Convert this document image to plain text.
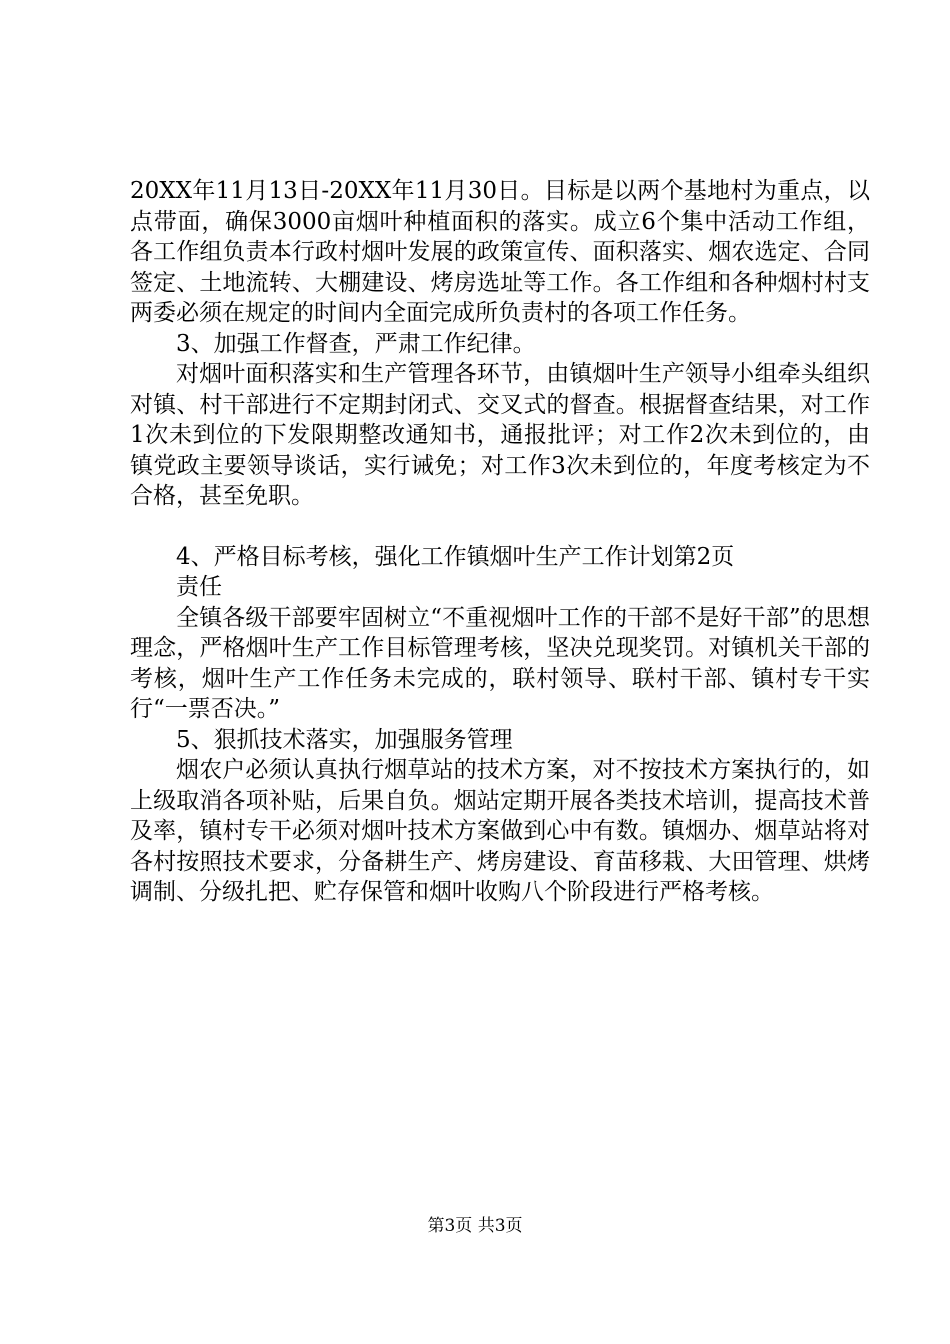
20XX年11月13日-20XX年11月30日。目标是以两个基地村为重点，以点带面，确保3000亩烟叶种植面积的落实。成立6个集中活动工作组，各工作组负责本行政村烟叶发展的政策宣传、面积落实、烟农选定、合同签定、土地流转、大棚建设、烤房选址等工作。各工作组和各种烟村村支两委必须在规定的时间内全面完成所负责村的各项工作任务。

3、加强工作督查，严肃工作纪律。

对烟叶面积落实和生产管理各环节，由镇烟叶生产领导小组牵头组织对镇、村干部进行不定期封闭式、交叉式的督查。根据督查结果，对工作1次未到位的下发限期整改通知书，通报批评；对工作2次未到位的，由镇党政主要领导谈话，实行诫免；对工作3次未到位的，年度考核定为不合格，甚至免职。

4、严格目标考核，强化工作镇烟叶生产工作计划第2页

责任

全镇各级干部要牢固树立“不重视烟叶工作的干部不是好干部”的思想理念，严格烟叶生产工作目标管理考核，坚决兑现奖罚。对镇机关干部的考核，烟叶生产工作任务未完成的，联村领导、联村干部、镇村专干实行“一票否决。”

5、狠抓技术落实，加强服务管理

烟农户必须认真执行烟草站的技术方案，对不按技术方案执行的，如上级取消各项补贴，后果自负。烟站定期开展各类技术培训，提高技术普及率，镇村专干必须对烟叶技术方案做到心中有数。镇烟办、烟草站将对各村按照技术要求，分备耕生产、烤房建设、育苗移栽、大田管理、烘烤调制、分级扎把、贮存保管和烟叶收购八个阶段进行严格考核。

第3页 共3页
